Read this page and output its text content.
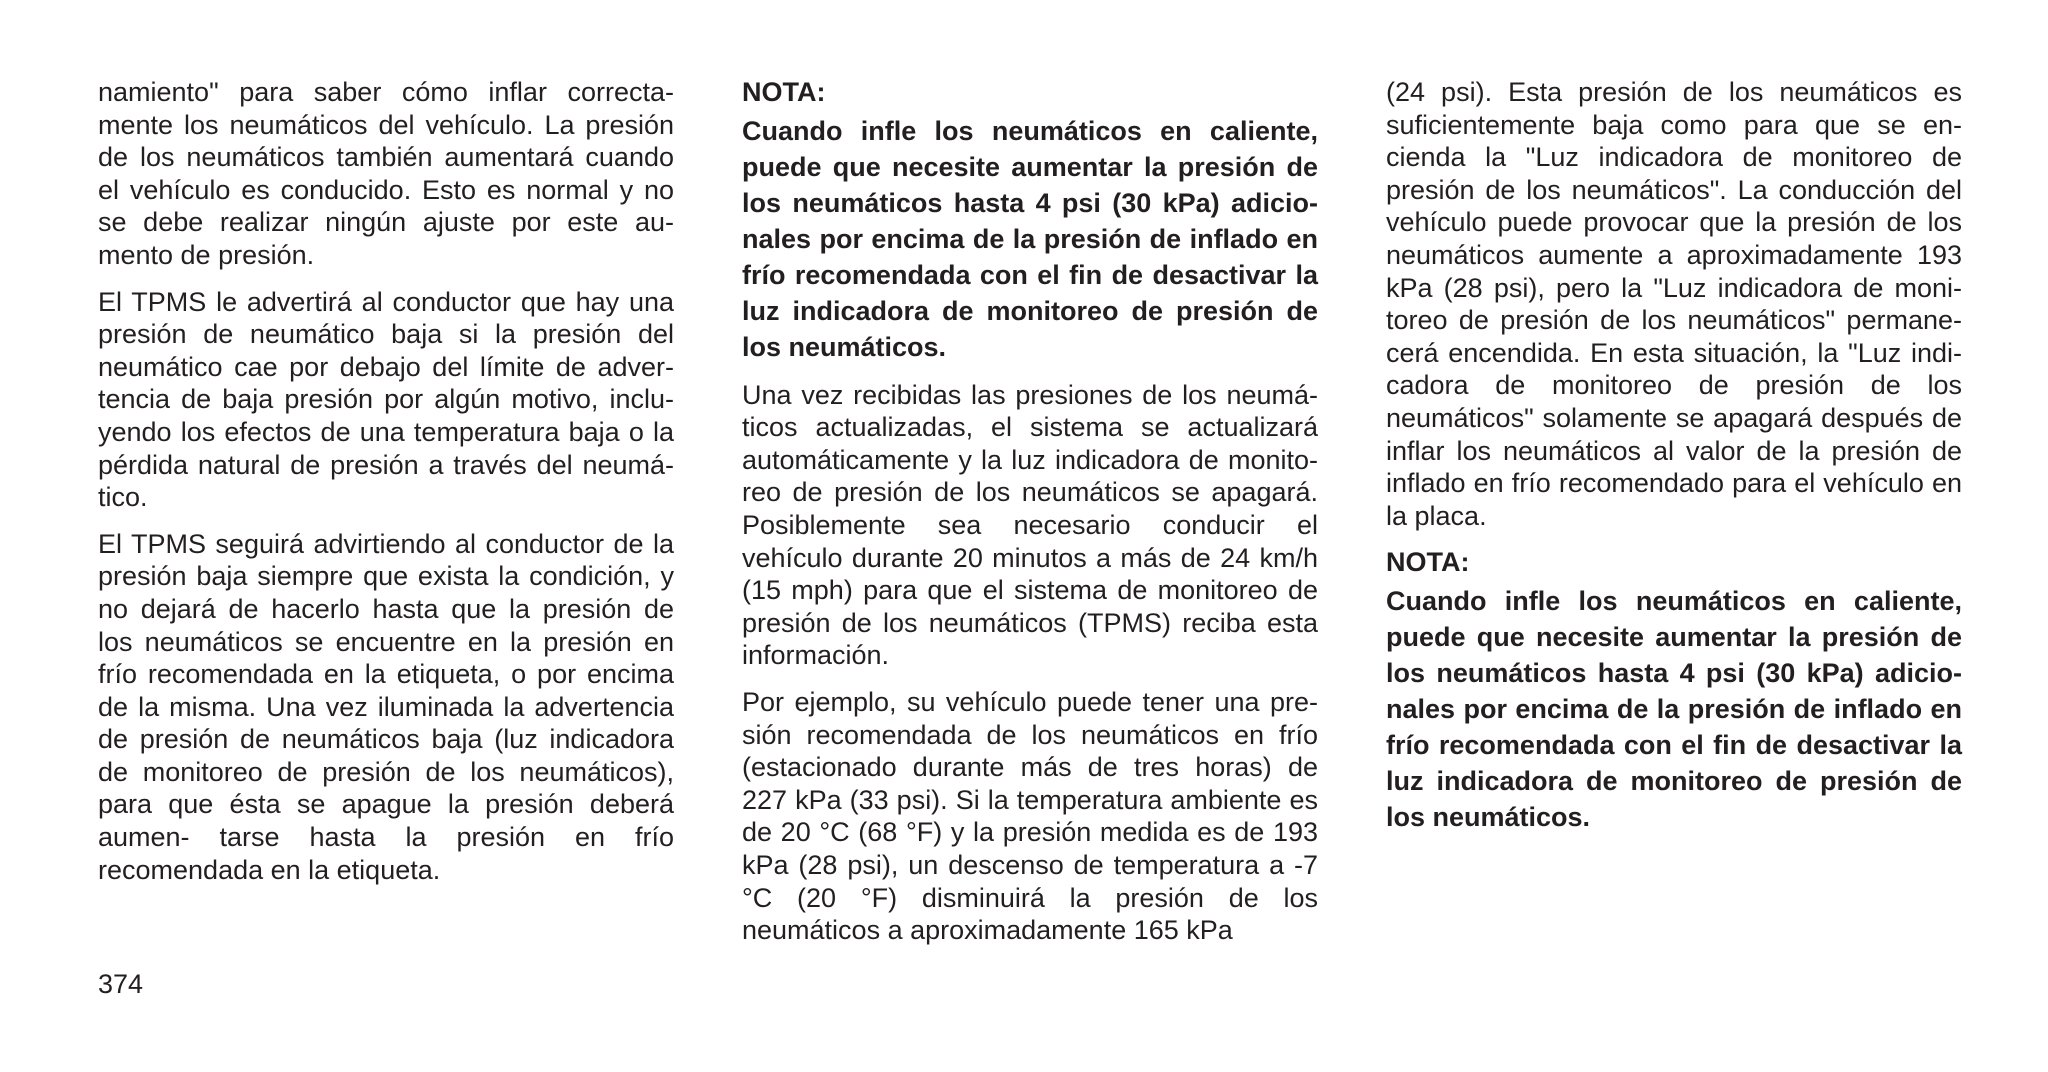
namiento" para saber cómo inflar correcta- mente los neumáticos del vehículo. La presión de los neumáticos también aumentará cuando el vehículo es conducido. Esto es normal y no se debe realizar ningún ajuste por este au- mento de presión.

El TPMS le advertirá al conductor que hay una presión de neumático baja si la presión del neumático cae por debajo del límite de adver- tencia de baja presión por algún motivo, inclu- yendo los efectos de una temperatura baja o la pérdida natural de presión a través del neumá- tico.

El TPMS seguirá advirtiendo al conductor de la presión baja siempre que exista la condición, y no dejará de hacerlo hasta que la presión de los neumáticos se encuentre en la presión en frío recomendada en la etiqueta, o por encima de la misma. Una vez iluminada la advertencia de presión de neumáticos baja (luz indicadora de monitoreo de presión de los neumáticos), para que ésta se apague la presión deberá aumen- tarse hasta la presión en frío recomendada en la etiqueta.

NOTA:

Cuando infle los neumáticos en caliente, puede que necesite aumentar la presión de los neumáticos hasta 4 psi (30 kPa) adicio- nales por encima de la presión de inflado en frío recomendada con el fin de desactivar la luz indicadora de monitoreo de presión de los neumáticos.

Una vez recibidas las presiones de los neumá- ticos actualizadas, el sistema se actualizará automáticamente y la luz indicadora de monito- reo de presión de los neumáticos se apagará. Posiblemente sea necesario conducir el vehículo durante 20 minutos a más de 24 km/h (15 mph) para que el sistema de monitoreo de presión de los neumáticos (TPMS) reciba esta información.

Por ejemplo, su vehículo puede tener una pre- sión recomendada de los neumáticos en frío (estacionado durante más de tres horas) de 227 kPa (33 psi). Si la temperatura ambiente es de 20 °C (68 °F) y la presión medida es de 193 kPa (28 psi), un descenso de temperatura a -7 °C (20 °F) disminuirá la presión de los neumáticos a aproximadamente 165 kPa

(24 psi). Esta presión de los neumáticos es suficientemente baja como para que se en- cienda la "Luz indicadora de monitoreo de presión de los neumáticos". La conducción del vehículo puede provocar que la presión de los neumáticos aumente a aproximadamente 193 kPa (28 psi), pero la "Luz indicadora de moni- toreo de presión de los neumáticos" permane- cerá encendida. En esta situación, la "Luz indi- cadora de monitoreo de presión de los neumáticos" solamente se apagará después de inflar los neumáticos al valor de la presión de inflado en frío recomendado para el vehículo en la placa.

NOTA:

Cuando infle los neumáticos en caliente, puede que necesite aumentar la presión de los neumáticos hasta 4 psi (30 kPa) adicio- nales por encima de la presión de inflado en frío recomendada con el fin de desactivar la luz indicadora de monitoreo de presión de los neumáticos.

374
